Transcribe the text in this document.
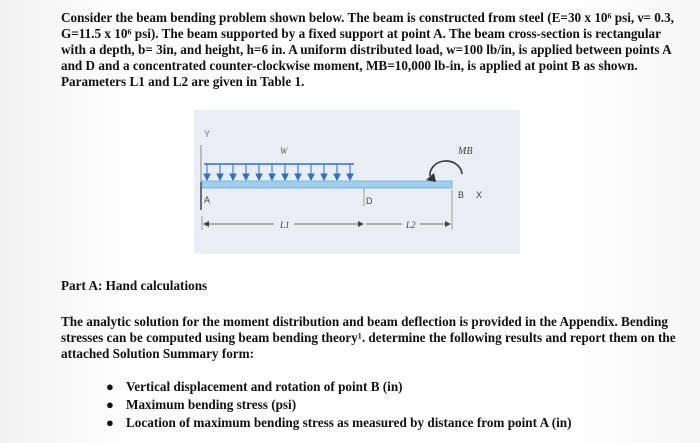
Consider the beam bending problem shown below. The beam is constructed from steel (E=30 x 10⁶ psi, ν= 0.3, G=11.5 x 10⁶ psi). The beam supported by a fixed support at point A. The beam cross-section is rectangular with a depth, b= 3in, and height, h=6 in. A uniform distributed load, w=100 lb/in, is applied between points A and D and a concentrated counter-clockwise moment, MB=10,000 lb-in, is applied at point B as shown. Parameters L1 and L2 are given in Table 1.

Y
W	MB
A	D
B X
L1	L2

Part A: Hand calculations

The analytic solution for the moment distribution and beam deflection is provided in the Appendix. Bending stresses can be computed using beam bending theory¹. determine the following results and report them on the attached Solution Summary form:

● Vertical displacement and rotation of point B (in)
● Maximum bending stress (psi)
● Location of maximum bending stress as measured by distance from point A (in)
